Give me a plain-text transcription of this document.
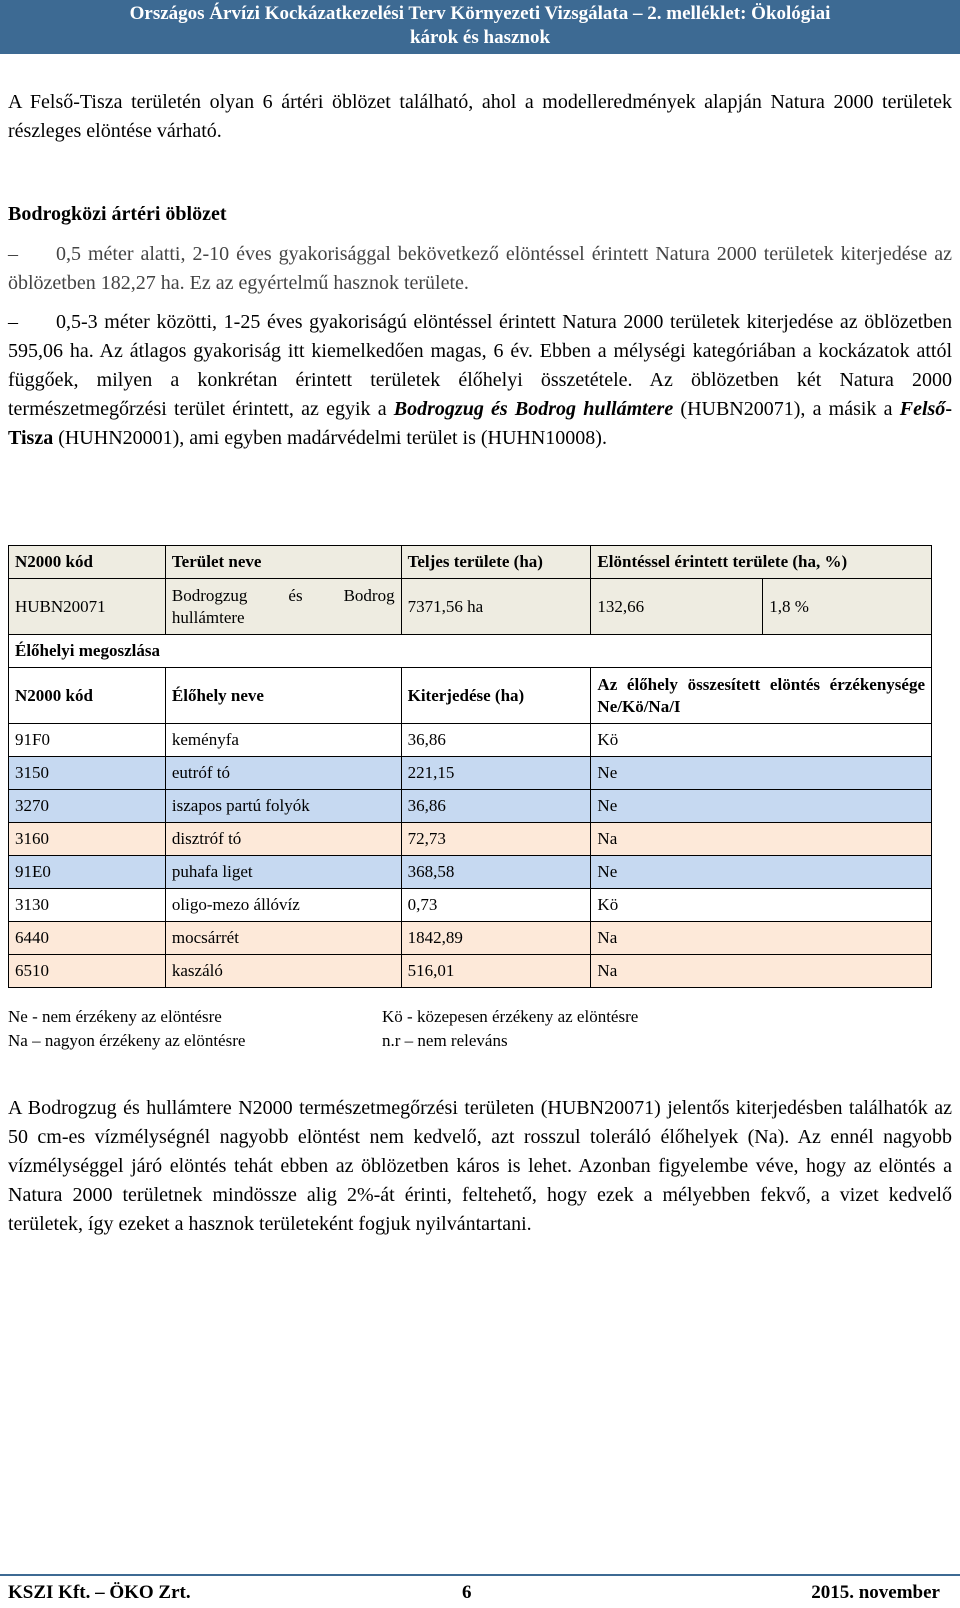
Országos Árvízi Kockázatkezelési Terv Környezeti Vizsgálata – 2. melléklet: Ökológiai
károk és hasznok

A Felső-Tisza területén olyan 6 ártéri öblözet található, ahol a modelleredmények alapján Natura 2000 területek részleges elöntése várható.

Bodrogközi ártéri öblözet
– 0,5 méter alatti, 2-10 éves gyakorisággal bekövetkező elöntéssel érintett Natura 2000 területek kiterjedése az öblözetben 182,27 ha. Ez az egyértelmű hasznok területe.
– 0,5-3 méter közötti, 1-25 éves gyakoriságú elöntéssel érintett Natura 2000 területek kiterjedése az öblözetben 595,06 ha. Az átlagos gyakoriság itt kiemelkedően magas, 6 év. Ebben a mélységi kategóriában a kockázatok attól függőek, milyen a konkrétan érintett területek élőhelyi összetétele. Az öblözetben két Natura 2000 természetmegőrzési terület érintett, az egyik a Bodrogzug és Bodrog hullámtere (HUBN20071), a másik a Felső-Tisza (HUHN20001), ami egyben madárvédelmi terület is (HUHN10008).
N2000 kód	Terület neve	Teljes területe (ha)	Elöntéssel érintett területe (ha, %)	
HUBN20071	Bodrogzug és Bodrog hullámtere	7371,56 ha	132,66	1,8 %
Élőhelyi megoszlása				
N2000 kód	Élőhely neve	Kiterjedése (ha)	Az élőhely összesített elöntés érzékenysége Ne/Kö/Na/I	
91F0	keményfa	36,86	Kö	
3150	eutróf tó	221,15	Ne	
3270	iszapos partú folyók	36,86	Ne	
3160	disztróf tó	72,73	Na	
91E0	puhafa liget	368,58	Ne	
3130	oligo-mezo állóvíz	0,73	Kö	
6440	mocsárrét	1842,89	Na	
6510	kaszáló	516,01	Na	
Ne - nem érzékeny az elöntésre
Na – nagyon érzékeny az elöntésre
Kö - közepesen érzékeny az elöntésre
n.r – nem releváns

A Bodrogzug és hullámtere N2000 természetmegőrzési területen (HUBN20071) jelentős kiterjedésben találhatók az 50 cm-es vízmélységnél nagyobb elöntést nem kedvelő, azt rosszul toleráló élőhelyek (Na). Az ennél nagyobb vízmélységgel járó elöntés tehát ebben az öblözetben káros is lehet. Azonban figyelembe véve, hogy az elöntés a Natura 2000 területnek mindössze alig 2%-át érinti, feltehető, hogy ezek a mélyebben fekvő, a vizet kedvelő területek, így ezeket a hasznok területeként fogjuk nyilvántartani.

KSZI Kft. – ÖKO Zrt.	6	2015. november
